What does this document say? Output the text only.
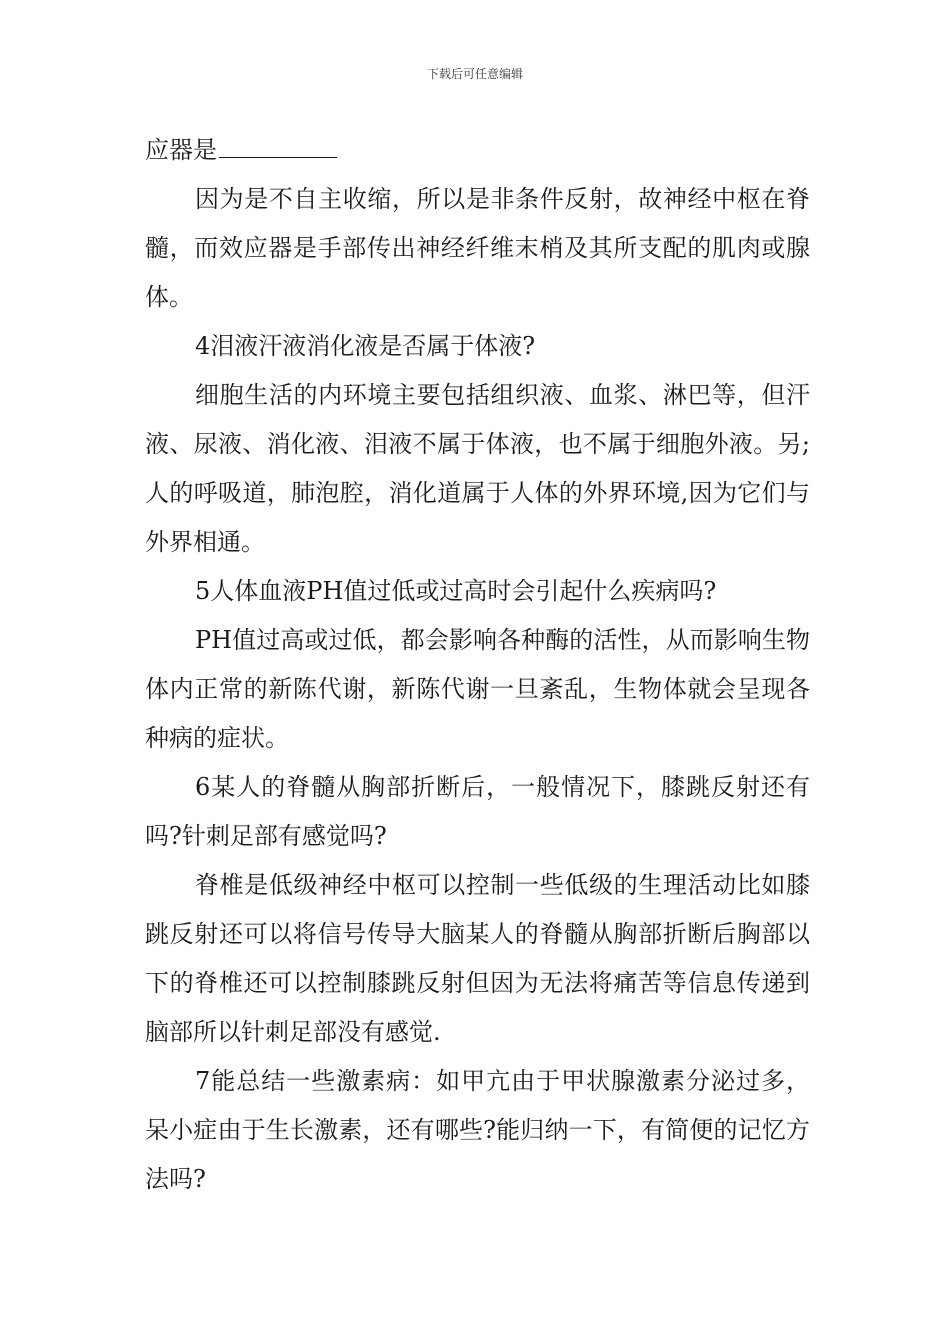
下载后可任意编辑

应器是

因为是不自主收缩，所以是非条件反射，故神经中枢在脊髓，而效应器是手部传出神经纤维末梢及其所支配的肌肉或腺体。

4泪液汗液消化液是否属于体液?

细胞生活的内环境主要包括组织液、血浆、淋巴等，但汗液、尿液、消化液、泪液不属于体液，也不属于细胞外液。另;人的呼吸道，肺泡腔，消化道属于人体的外界环境,因为它们与外界相通。

5人体血液PH值过低或过高时会引起什么疾病吗?

PH值过高或过低，都会影响各种酶的活性，从而影响生物体内正常的新陈代谢，新陈代谢一旦紊乱，生物体就会呈现各种病的症状。

6某人的脊髓从胸部折断后，一般情况下，膝跳反射还有吗?针刺足部有感觉吗?

脊椎是低级神经中枢可以控制一些低级的生理活动比如膝跳反射还可以将信号传导大脑某人的脊髓从胸部折断后胸部以下的脊椎还可以控制膝跳反射但因为无法将痛苦等信息传递到脑部所以针刺足部没有感觉.

7能总结一些激素病：如甲亢由于甲状腺激素分泌过多，呆小症由于生长激素，还有哪些?能归纳一下，有简便的记忆方法吗?
